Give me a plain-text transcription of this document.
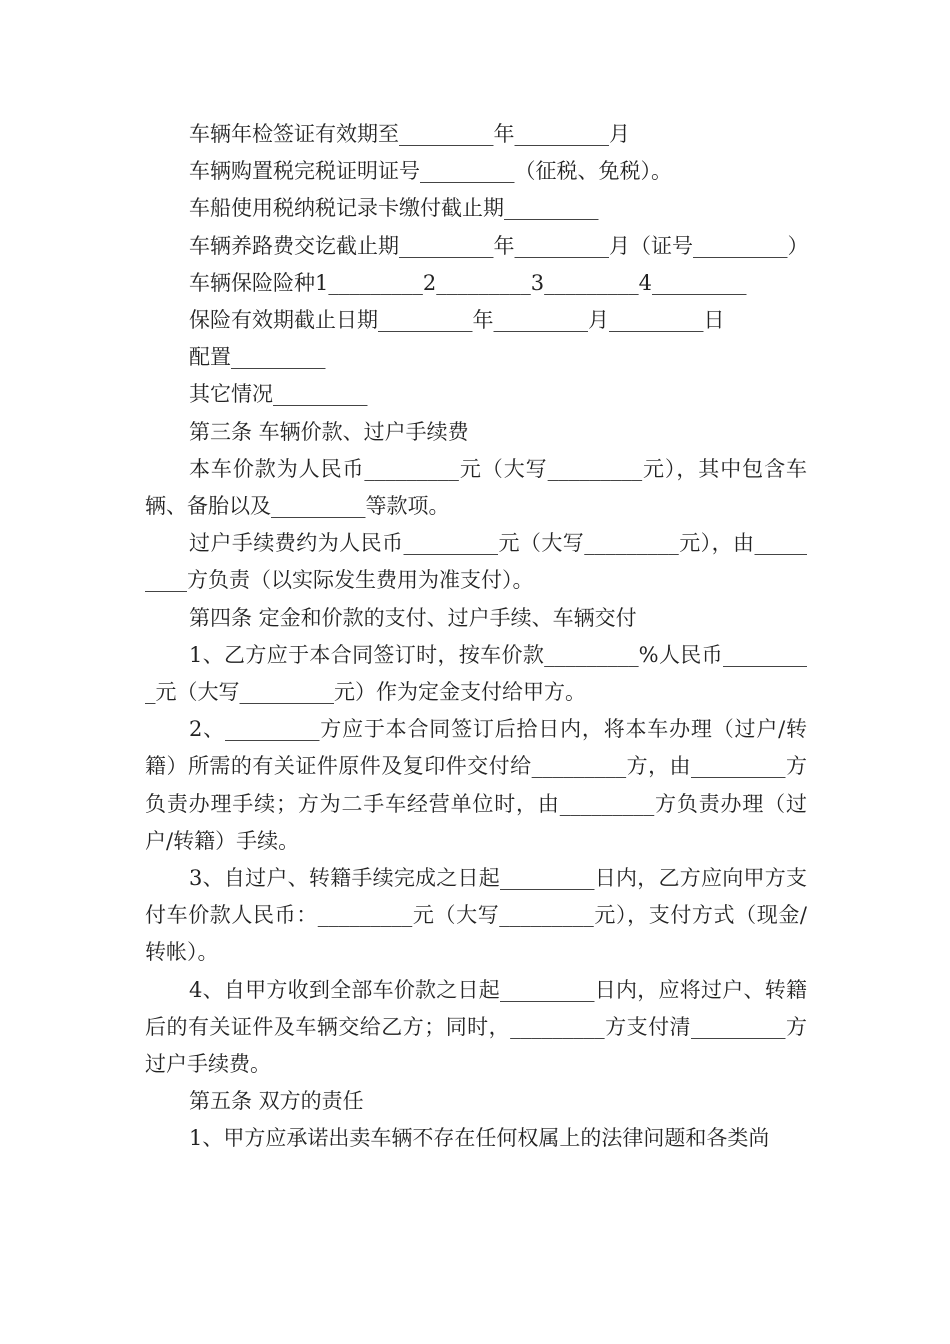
车辆年检签证有效期至_________年_________月

车辆购置税完税证明证号_________（征税、免税）。

车船使用税纳税记录卡缴付截止期_________

车辆养路费交讫截止期_________年_________月（证号_________）

车辆保险险种1_________2_________3_________4_________

保险有效期截止日期_________年_________月_________日

配置_________

其它情况_________

第三条 车辆价款、过户手续费

本车价款为人民币_________元（大写_________元），其中包含车辆、备胎以及_________等款项。

过户手续费约为人民币_________元（大写_________元），由_________方负责（以实际发生费用为准支付）。

第四条 定金和价款的支付、过户手续、车辆交付

1、乙方应于本合同签订时，按车价款_________%人民币_________元（大写_________元）作为定金支付给甲方。

2、_________方应于本合同签订后拾日内，将本车办理（过户/转籍）所需的有关证件原件及复印件交付给_________方，由_________方负责办理手续；方为二手车经营单位时，由_________方负责办理（过户/转籍）手续。

3、自过户、转籍手续完成之日起_________日内，乙方应向甲方支付车价款人民币：_________元（大写_________元），支付方式（现金/转帐）。

4、自甲方收到全部车价款之日起_________日内，应将过户、转籍后的有关证件及车辆交给乙方；同时，_________方支付清_________方过户手续费。

第五条 双方的责任

1、甲方应承诺出卖车辆不存在任何权属上的法律问题和各类尚
